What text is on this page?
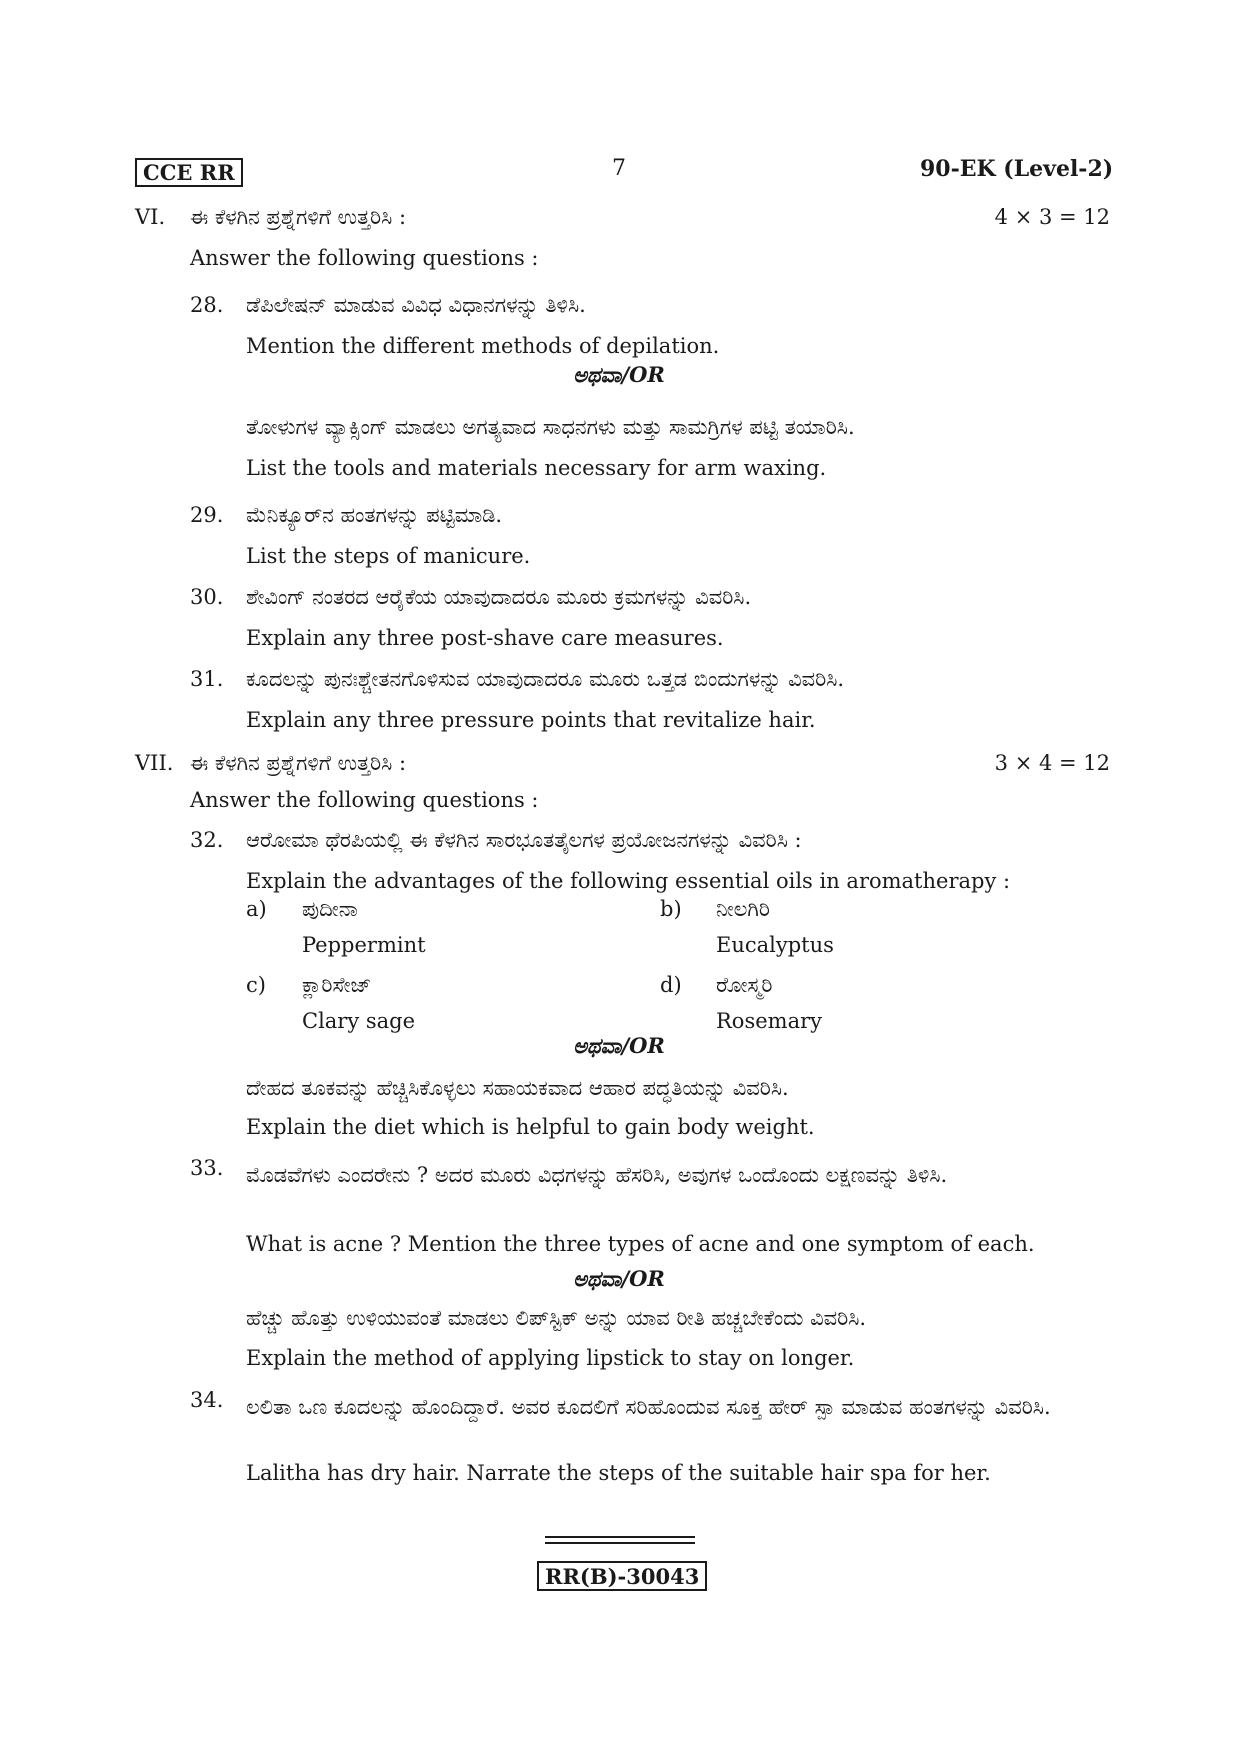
CCE RR	7	90-EK (Level-2)
VI. ಈ ಕೆಳಗಿನ ಪ್ರಶ್ನೆಗಳಿಗೆ ಉತ್ತರಿಸಿ :	4 × 3 = 12
Answer the following questions :
28. ಡೆಪಿಲೇಷನ್ ಮಾಡುವ ವಿವಿಧ ವಿಧಾನಗಳನ್ನು ತಿಳಿಸಿ.
Mention the different methods of depilation.
ಅಥವಾ/OR
ತೋಳುಗಳ ವ್ಯಾಕ್ಸಿಂಗ್ ಮಾಡಲು ಅಗತ್ಯವಾದ ಸಾಧನಗಳು ಮತ್ತು ಸಾಮಗ್ರಿಗಳ ಪಟ್ಟಿ ತಯಾರಿಸಿ.
List the tools and materials necessary for arm waxing.
29. ಮೆನಿಕ್ಯೂರ್‌ನ ಹಂತಗಳನ್ನು ಪಟ್ಟಿಮಾಡಿ.
List the steps of manicure.
30. ಶೇವಿಂಗ್ ನಂತರದ ಆರೈಕೆಯ ಯಾವುದಾದರೂ ಮೂರು ಕ್ರಮಗಳನ್ನು ವಿವರಿಸಿ.
Explain any three post-shave care measures.
31. ಕೂದಲನ್ನು ಪುನಃಶ್ಚೇತನಗೊಳಿಸುವ ಯಾವುದಾದರೂ ಮೂರು ಒತ್ತಡ ಬಿಂದುಗಳನ್ನು ವಿವರಿಸಿ.
Explain any three pressure points that revitalize hair.
VII. ಈ ಕೆಳಗಿನ ಪ್ರಶ್ನೆಗಳಿಗೆ ಉತ್ತರಿಸಿ :	3 × 4 = 12
Answer the following questions :
32. ಆರೋಮಾ ಥೆರಪಿಯಲ್ಲಿ ಈ ಕೆಳಗಿನ ಸಾರಭೂತತೈಲಗಳ ಪ್ರಯೋಜನಗಳನ್ನು ವಿವರಿಸಿ :
Explain the advantages of the following essential oils in aromatherapy :
a) ಪುದೀನಾ
Peppermint
b) ನೀಲಗಿರಿ
Eucalyptus
c) ಕ್ಲಾರಿಸೇಜ್
Clary sage
d) ರೋಸ್ಮರಿ
Rosemary
ಅಥವಾ/OR
ದೇಹದ ತೂಕವನ್ನು ಹೆಚ್ಚಿಸಿಕೊಳ್ಳಲು ಸಹಾಯಕವಾದ ಆಹಾರ ಪದ್ಧತಿಯನ್ನು ವಿವರಿಸಿ.
Explain the diet which is helpful to gain body weight.
33. ಮೊಡವೆಗಳು ಎಂದರೇನು ? ಅದರ ಮೂರು ವಿಧಗಳನ್ನು ಹೆಸರಿಸಿ, ಅವುಗಳ ಒಂದೊಂದು ಲಕ್ಷಣವನ್ನು ತಿಳಿಸಿ.
What is acne ? Mention the three types of acne and one symptom of each.
ಅಥವಾ/OR
ಹೆಚ್ಚು ಹೊತ್ತು ಉಳಿಯುವಂತೆ ಮಾಡಲು ಲಿಪ್‌ಸ್ಟಿಕ್ ಅನ್ನು ಯಾವ ರೀತಿ ಹಚ್ಚಬೇಕೆಂದು ವಿವರಿಸಿ.
Explain the method of applying lipstick to stay on longer.
34. ಲಲಿತಾ ಒಣ ಕೂದಲನ್ನು ಹೊಂದಿದ್ದಾರೆ. ಅವರ ಕೂದಲಿಗೆ ಸರಿಹೊಂದುವ ಸೂಕ್ತ ಹೇರ್ ಸ್ಪಾ ಮಾಡುವ ಹಂತಗಳನ್ನು ವಿವರಿಸಿ.
Lalitha has dry hair. Narrate the steps of the suitable hair spa for her.
RR(B)-30043
